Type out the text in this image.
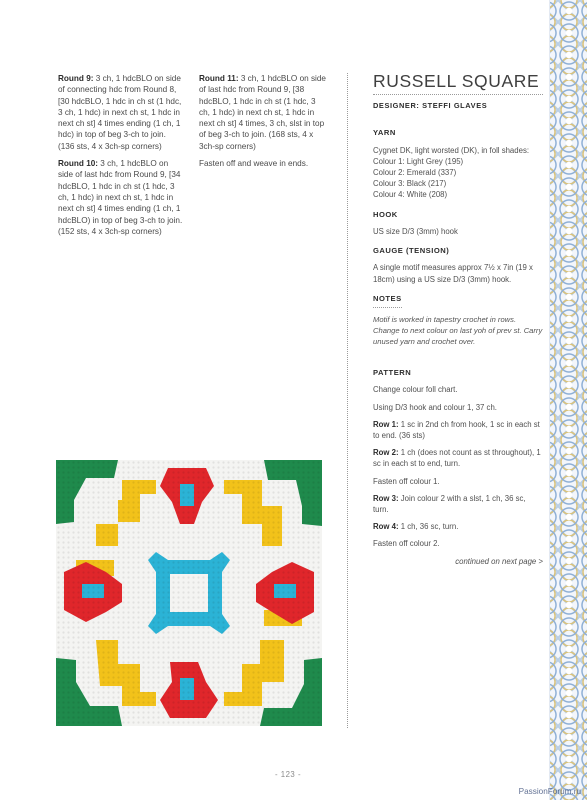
Round 9: 3 ch, 1 hdcBLO on side of connecting hdc from Round 8, [30 hdcBLO, 1 hdc in ch st (1 hdc, 3 ch, 1 hdc) in next ch st, 1 hdc in next ch st] 4 times ending (1 ch, 1 hdc) in top of beg 3-ch to join. (136 sts, 4 x 3ch-sp corners)

Round 10: 3 ch, 1 hdcBLO on side of last hdc from Round 9, [34 hdcBLO, 1 hdc in ch st (1 hdc, 3 ch, 1 hdc) in next ch st, 1 hdc in next ch st] 4 times ending (1 ch, 1 hdcBLO) in top of beg 3-ch to join. (152 sts, 4 x 3ch-sp corners)

Round 11: 3 ch, 1 hdcBLO on side of last hdc from Round 9, [38 hdcBLO, 1 hdc in ch st (1 hdc, 3 ch, 1 hdc) in next ch st, 1 hdc in next ch st] 4 times, 3 ch, slst in top of beg 3-ch to join. (168 sts, 4 x 3ch-sp corners)

Fasten off and weave in ends.

RUSSELL SQUARE
DESIGNER: STEFFI GLAVES
YARN
Cygnet DK, light worsted (DK), in foll shades:
Colour 1: Light Grey (195)
Colour 2: Emerald (337)
Colour 3: Black (217)
Colour 4: White (208)
HOOK
US size D/3 (3mm) hook
GAUGE (TENSION)
A single motif measures approx 7½ x 7in (19 x 18cm) using a US size D/3 (3mm) hook.
NOTES
Motif is worked in tapestry crochet in rows. Change to next colour on last yoh of prev st. Carry unused yarn and crochet over.
PATTERN

Change colour foll chart.

Using D/3 hook and colour 1, 37 ch.

Row 1: 1 sc in 2nd ch from hook, 1 sc in each st to end. (36 sts)

Row 2: 1 ch (does not count as st throughout), 1 sc in each st to end, turn.

Fasten off colour 1.

Row 3: Join colour 2 with a slst, 1 ch, 36 sc, turn.

Row 4: 1 ch, 36 sc, turn.

Fasten off colour 2.

continued on next page >
- 123 -
PassionForum.ru
